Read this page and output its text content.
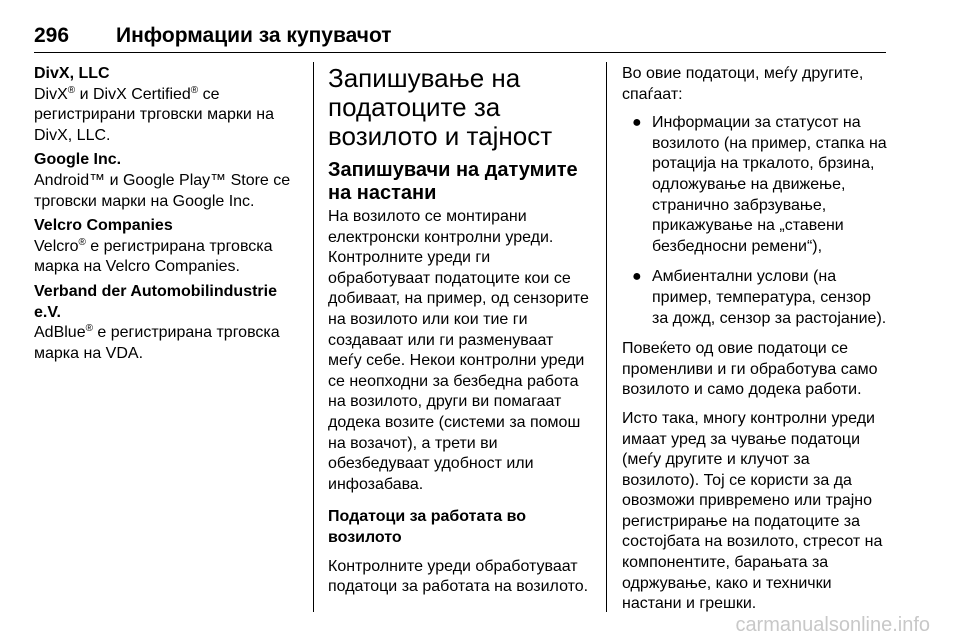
296 Информации за купувачот
DivX, LLC
DivX® и DivX Certified® се регистрирани трговски марки на DivX, LLC.
Google Inc.
Android™ и Google Play™ Store се трговски марки на Google Inc.
Velcro Companies
Velcro® е регистрирана трговска марка на Velcro Companies.
Verband der Automobilindustrie e.V.
AdBlue® е регистрирана трговска марка на VDA.
Запишување на податоците за возилото и тајност
Запишувачи на датумите на настани

На возилото се монтирани електронски контролни уреди. Контролните уреди ги обработуваат податоците кои се добиваат, на пример, од сензорите на возилото или кои тие ги создаваат или ги разменуваат меѓу себе. Некои контролни уреди се неопходни за безбедна работа на возилото, други ви помагаат додека возите (системи за помош на возачот), а трети ви обезбедуваат удобност или инфозабава.

Податоци за работата во возилото

Контролните уреди обработуваат податоци за работата на возилото.

Во овие податоци, меѓу другите, спаѓаат:

● Информации за статусот на возилото (на пример, стапка на ротација на тркалото, брзина, одложување на движење, странично забрзување, прикажување на „ставени безбедносни ремени“),
● Амбиентални услови (на пример, температура, сензор за дожд, сензор за растојание).

Повеќето од овие податоци се променливи и ги обработува само возилото и само додека работи.

Исто така, многу контролни уреди имаат уред за чување податоци (меѓу другите и клучот за возилото). Тој се користи за да овозможи привремено или трајно регистрирање на податоците за состојбата на возилото, стресот на компонентите, барањата за одржување, како и технички настани и грешки.

carmanualsonline.info
